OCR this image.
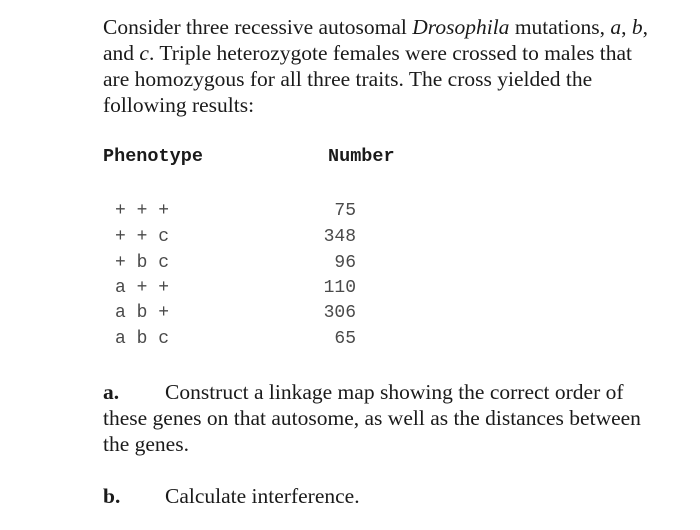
Consider three recessive autosomal Drosophila mutations, a, b, and c. Triple heterozygote females were crossed to males that are homozygous for all three traits. The cross yielded the following results:

Phenotype	Number
+ + +	75
+ + c	348
+ b c	96
a + +	110
a b +	306
a b c	65
a. Construct a linkage map showing the correct order of these genes on that autosome, as well as the distances between the genes.
b. Calculate interference.
